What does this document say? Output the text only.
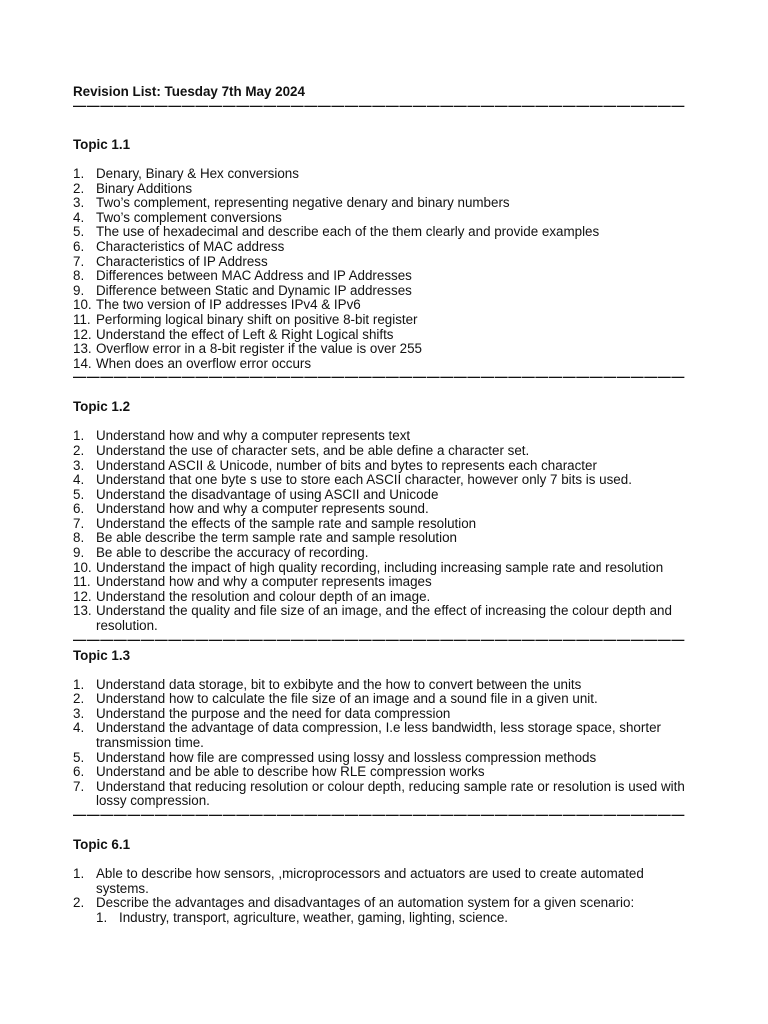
Revision List: Tuesday 7th May 2024

—————————————————————————————————————————————

Topic 1.1

1. Denary, Binary & Hex conversions
2. Binary Additions
3. Two’s complement, representing negative denary and binary numbers
4. Two’s complement conversions
5. The use of hexadecimal and describe each of the them clearly and provide examples
6. Characteristics of MAC address
7. Characteristics of IP Address
8. Differences between MAC Address and IP Addresses
9. Difference between Static and Dynamic IP addresses
10. The two version of IP addresses IPv4 & IPv6
11. Performing logical binary shift on positive 8-bit register
12. Understand the effect of Left & Right Logical shifts
13. Overflow error in a 8-bit register if the value is over 255
14. When does an overflow error occurs
—————————————————————————————————————————————

Topic 1.2

1. Understand how and why a computer represents text
2. Understand the use of character sets, and be able define a character set.
3. Understand ASCII & Unicode, number of bits and bytes to represents each character
4. Understand that one byte s use to store each ASCII character, however only 7 bits is used.
5. Understand the disadvantage of using ASCII and Unicode
6. Understand how and why a computer represents sound.
7. Understand the effects of the sample rate and sample resolution
8. Be able describe the term sample rate and sample resolution
9. Be able to describe the accuracy of recording.
10. Understand the impact of high quality recording, including increasing sample rate and resolution
11. Understand how and why a computer represents images
12. Understand the resolution and colour depth of an image.
13. Understand the quality and file size of an image, and the effect of increasing the colour depth and resolution.
—————————————————————————————————————————————

Topic 1.3

1. Understand data storage, bit to exbibyte and the how to convert between the units
2. Understand how to calculate the file size of an image and a sound file in a given unit.
3. Understand the purpose and the need for data compression
4. Understand the advantage of data compression, I.e less bandwidth, less storage space, shorter transmission time.
5. Understand how file are compressed using lossy and lossless compression methods
6. Understand and be able to describe how RLE compression works
7. Understand that reducing resolution or colour depth, reducing sample rate or resolution is used with lossy compression.
—————————————————————————————————————————————

Topic 6.1

1. Able to describe how sensors, ,microprocessors and actuators are used to create automated systems.
2. Describe the advantages and disadvantages of an automation system for a given scenario:
1. Industry, transport, agriculture, weather, gaming, lighting, science.
